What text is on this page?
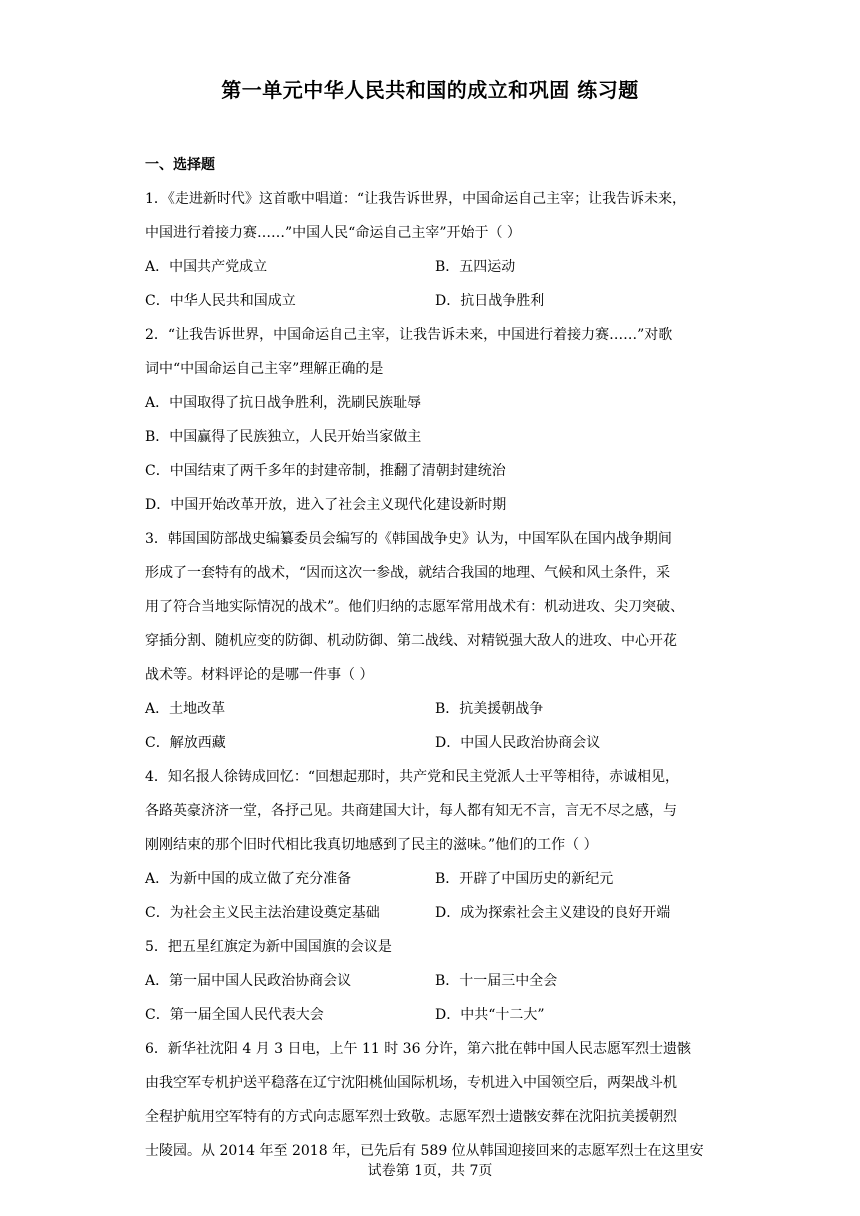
第一单元中华人民共和国的成立和巩固 练习题
一、选择题
1．《走进新时代》这首歌中唱道：“让我告诉世界，中国命运自己主宰；让我告诉未来，
中国进行着接力赛……”中国人民“命运自己主宰”开始于（ ）
A．中国共产党成立	B．五四运动
C．中华人民共和国成立	D．抗日战争胜利
2．“让我告诉世界，中国命运自己主宰，让我告诉未来，中国进行着接力赛……”对歌
词中“中国命运自己主宰”理解正确的是
A．中国取得了抗日战争胜利，洗刷民族耻辱
B．中国赢得了民族独立，人民开始当家做主
C．中国结束了两千多年的封建帝制，推翻了清朝封建统治
D．中国开始改革开放，进入了社会主义现代化建设新时期
3．韩国国防部战史编纂委员会编写的《韩国战争史》认为，中国军队在国内战争期间
形成了一套特有的战术，“因而这次一参战，就结合我国的地理、气候和风土条件，采
用了符合当地实际情况的战术”。他们归纳的志愿军常用战术有：机动进攻、尖刀突破、
穿插分割、随机应变的防御、机动防御、第二战线、对精锐强大敌人的进攻、中心开花
战术等。材料评论的是哪一件事（ ）
A．土地改革	B．抗美援朝战争
C．解放西藏	D．中国人民政治协商会议
4．知名报人徐铸成回忆：“回想起那时，共产党和民主党派人士平等相待，赤诚相见，
各路英豪济济一堂，各抒己见。共商建国大计，每人都有知无不言，言无不尽之感，与
刚刚结束的那个旧时代相比我真切地感到了民主的滋味。”他们的工作（ ）
A．为新中国的成立做了充分准备	B．开辟了中国历史的新纪元
C．为社会主义民主法治建设奠定基础	D．成为探索社会主义建设的良好开端
5．把五星红旗定为新中国国旗的会议是
A．第一届中国人民政治协商会议	B．十一届三中全会
C．第一届全国人民代表大会	D．中共“十二大”
6．新华社沈阳 4 月 3 日电，上午 11 时 36 分许，第六批在韩中国人民志愿军烈士遗骸
由我空军专机护送平稳落在辽宁沈阳桃仙国际机场，专机进入中国领空后，两架战斗机
全程护航用空军特有的方式向志愿军烈士致敬。志愿军烈士遗骸安葬在沈阳抗美援朝烈
士陵园。从 2014 年至 2018 年，已先后有 589 位从韩国迎接回来的志愿军烈士在这里安
试卷第 1页，共 7页
